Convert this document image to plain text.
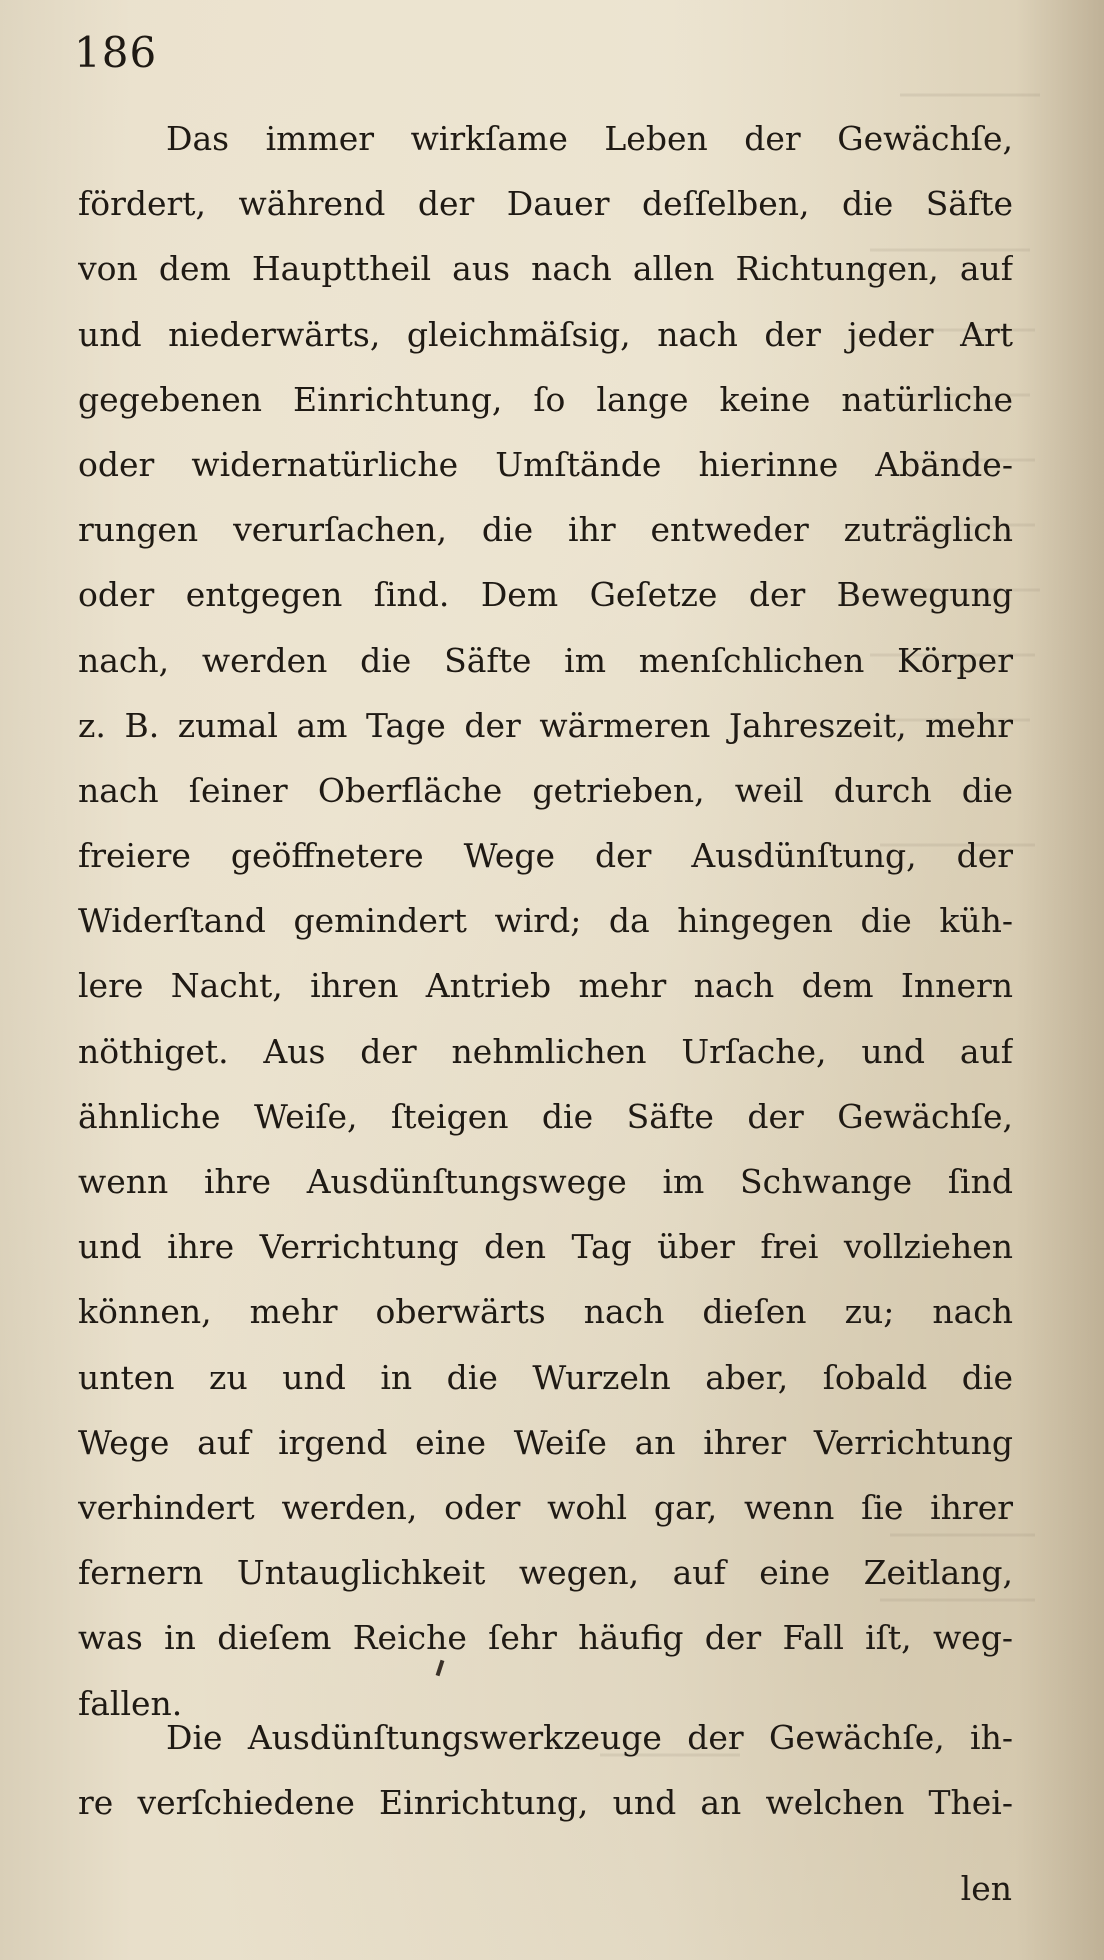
186
Das immer wirkſame Leben der Gewächſe,
fördert, während der Dauer deſſelben, die Säfte
von dem Haupttheil aus nach allen Richtungen, auf
und niederwärts, gleichmäſsig, nach der jeder Art
gegebenen Einrichtung, ſo lange keine natürliche
oder widernatürliche Umſtände hierinne Abände-
rungen verurſachen, die ihr entweder zuträglich
oder entgegen ſind. Dem Geſetze der Bewegung
nach, werden die Säfte im menſchlichen Körper
z. B. zumal am Tage der wärmeren Jahreszeit, mehr
nach ſeiner Oberfläche getrieben, weil durch die
freiere geöffnetere Wege der Ausdünſtung, der
Widerſtand gemindert wird; da hingegen die küh-
lere Nacht, ihren Antrieb mehr nach dem Innern
nöthiget. Aus der nehmlichen Urſache, und auf
ähnliche Weiſe, ſteigen die Säfte der Gewächſe,
wenn ihre Ausdünſtungswege im Schwange ſind
und ihre Verrichtung den Tag über frei vollziehen
können, mehr oberwärts nach dieſen zu; nach
unten zu und in die Wurzeln aber, ſobald die
Wege auf irgend eine Weiſe an ihrer Verrichtung
verhindert werden, oder wohl gar, wenn ſie ihrer
fernern Untauglichkeit wegen, auf eine Zeitlang,
was in dieſem Reiche ſehr häufig der Fall iſt, weg-
fallen.
Die Ausdünſtungswerkzeuge der Gewächſe, ih-
re verſchiedene Einrichtung, und an welchen Thei-
len
